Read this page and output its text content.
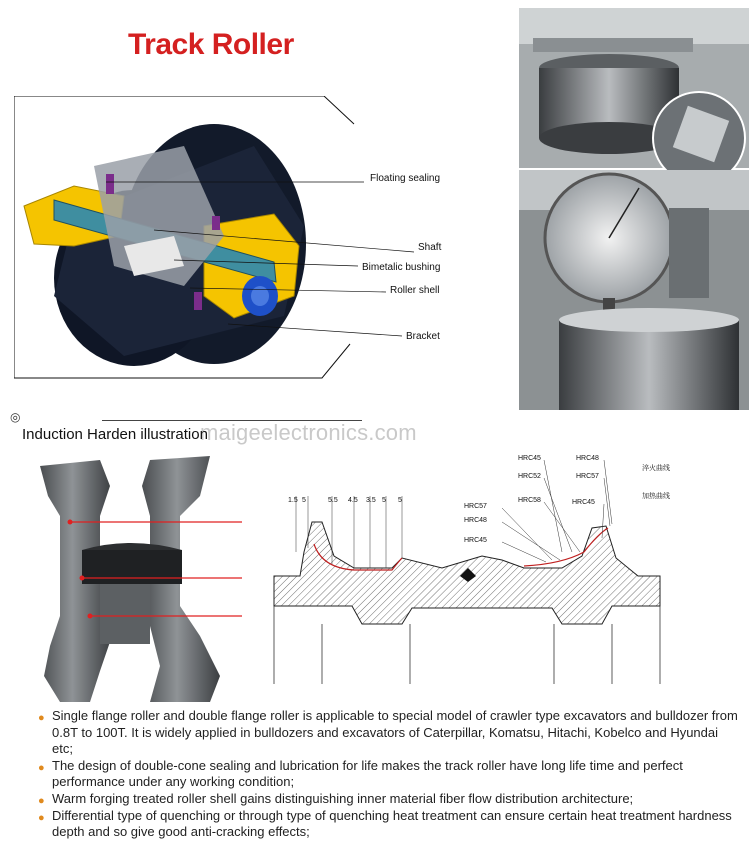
Track Roller
Floating sealing
Shaft
Bimetalic bushing
Roller shell
Bracket
◎
maigeelectronics.com
Induction Harden illustration
1.5 5	5.5 4.5 3.5 5 5
HRC45
HRC52
HRC58
HRC57
HRC48
HRC45
HRC48
HRC57
HRC45
淬火曲线
加热曲线
● Single flange roller and double flange roller is applicable to special model of crawler type excavators and bulldozer from 0.8T to 100T. It is widely applied in bulldozers and excavators of Caterpillar, Komatsu, Hitachi, Kobelco and Hyundai etc;
● The design of double-cone sealing and lubrication for life makes the track roller have long life time and perfect performance under any working condition;
● Warm forging treated roller shell gains distinguishing inner material fiber flow distribution architecture;
● Differential type of quenching or through type of quenching heat treatment can ensure certain heat treatment hardness depth and so give good anti-cracking effects;
